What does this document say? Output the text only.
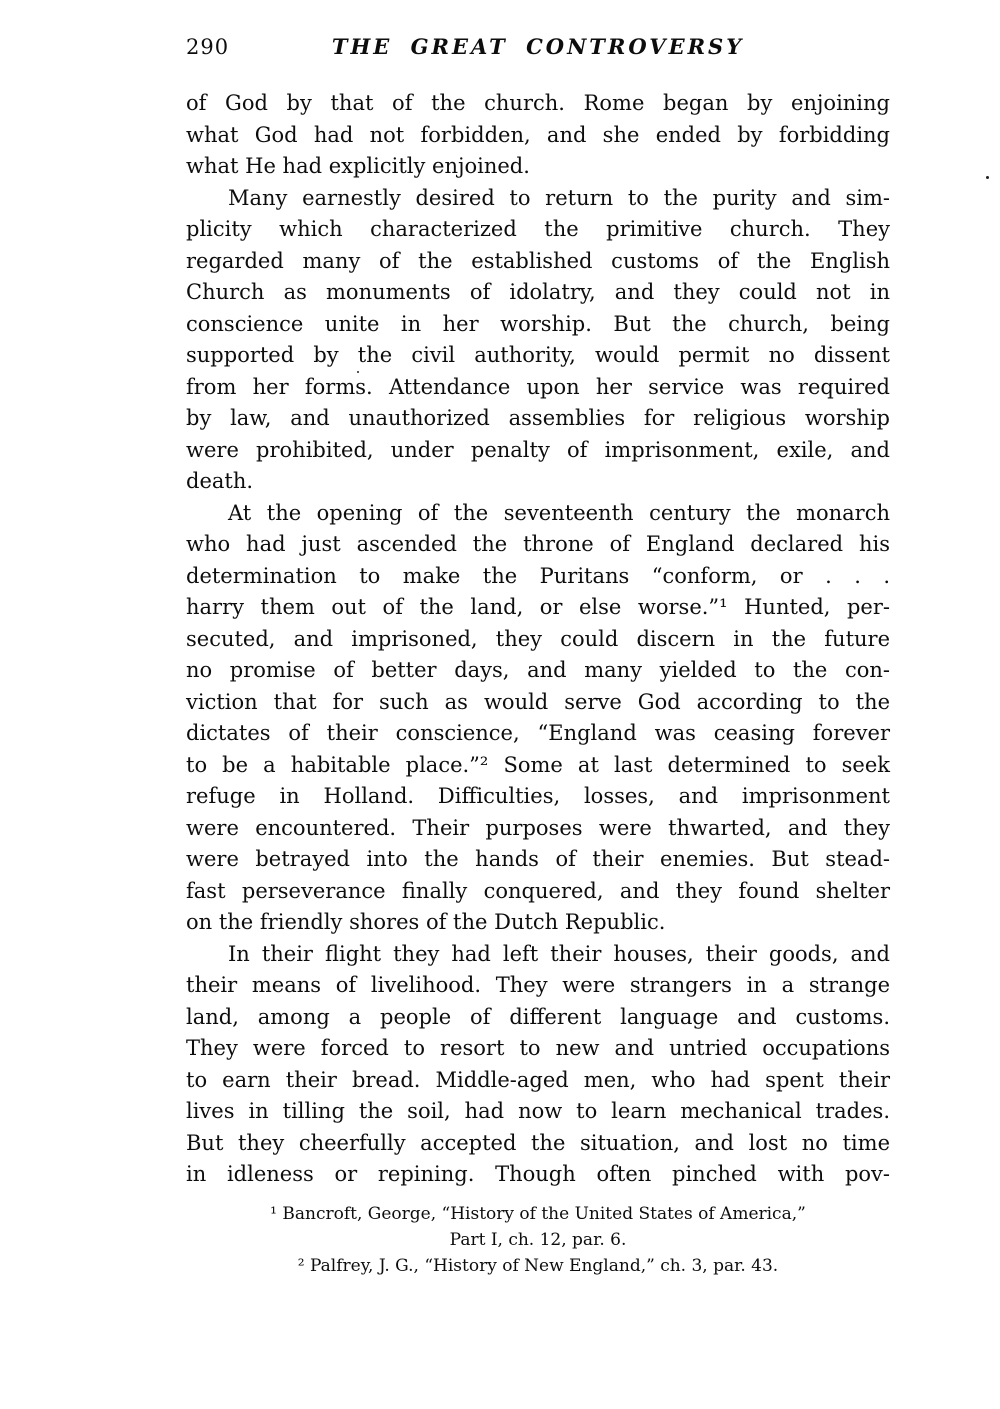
290	THE GREAT CONTROVERSY
of God by that of the church. Rome began by enjoining
what God had not forbidden, and she ended by forbidding
what He had explicitly enjoined.
Many earnestly desired to return to the purity and sim-
plicity which characterized the primitive church. They
regarded many of the established customs of the English
Church as monuments of idolatry, and they could not in
conscience unite in her worship. But the church, being
supported by the civil authority, would permit no dissent
from her forms. Attendance upon her service was required
by law, and unauthorized assemblies for religious worship
were prohibited, under penalty of imprisonment, exile, and
death.
At the opening of the seventeenth century the monarch
who had just ascended the throne of England declared his
determination to make the Puritans “conform, or . . .
harry them out of the land, or else worse.”¹ Hunted, per-
secuted, and imprisoned, they could discern in the future
no promise of better days, and many yielded to the con-
viction that for such as would serve God according to the
dictates of their conscience, “England was ceasing forever
to be a habitable place.”² Some at last determined to seek
refuge in Holland. Difficulties, losses, and imprisonment
were encountered. Their purposes were thwarted, and they
were betrayed into the hands of their enemies. But stead-
fast perseverance finally conquered, and they found shelter
on the friendly shores of the Dutch Republic.
In their flight they had left their houses, their goods, and
their means of livelihood. They were strangers in a strange
land, among a people of different language and customs.
They were forced to resort to new and untried occupations
to earn their bread. Middle-aged men, who had spent their
lives in tilling the soil, had now to learn mechanical trades.
But they cheerfully accepted the situation, and lost no time
in idleness or repining. Though often pinched with pov-
¹ Bancroft, George, “History of the United States of America,”
Part I, ch. 12, par. 6.
² Palfrey, J. G., “History of New England,” ch. 3, par. 43.
